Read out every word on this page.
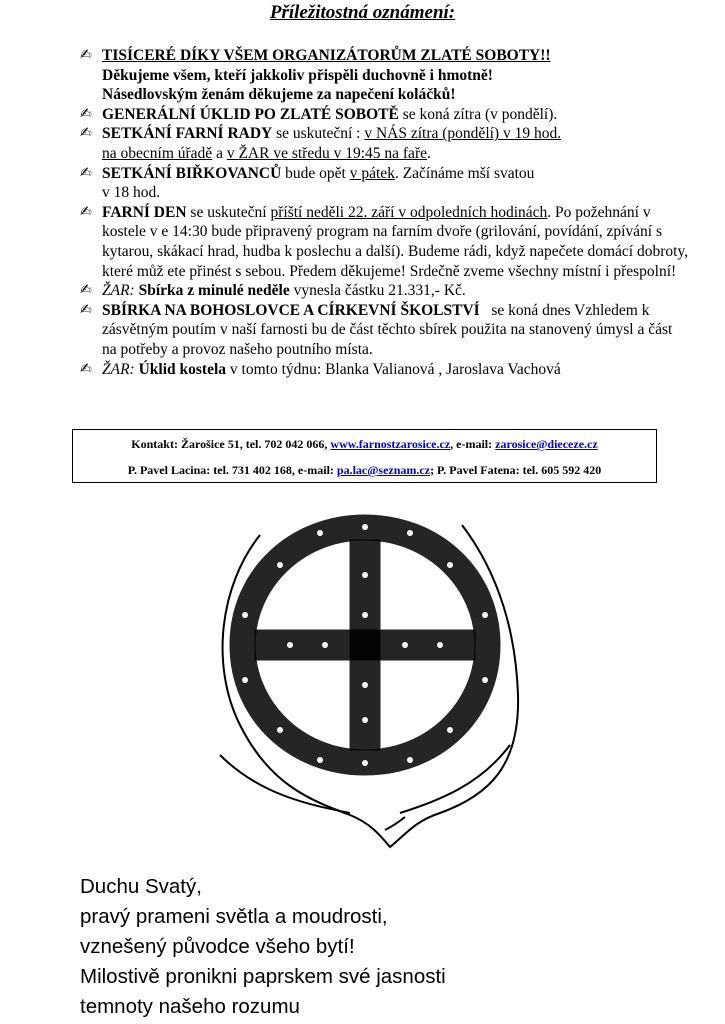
Příležitostná oznámení:
✍ TISÍCERÉ DÍKY VŠEM ORGANIZÁTORŮM ZLATÉ SOBOTY!!
Děkujeme všem, kteří jakkoliv přispěli duchovně i hmotně!
Násedlovským ženám děkujeme za napečení koláčků!
✍ GENERÁLNÍ ÚKLID PO ZLATÉ SOBOTĚ se koná zítra (v pondělí).
✍ SETKÁNÍ FARNÍ RADY se uskuteční : v NÁS zítra (pondělí) v 19 hod.
na obecním úřadě a v ŽAR ve středu v 19:45 na faře.
✍ SETKÁNÍ BIŘKOVANCŮ bude opět v pátek. Začínáme mší svatou
v 18 hod.
✍ FARNÍ DEN se uskuteční příští neděli 22. září v odpoledních hodinách. Po požehnání v kostele v e 14:30 bude připravený program na farním dvoře (grilování, povídání, zpívání s kytarou, skákací hrad, hudba k poslechu a další). Budeme rádi, když napečete domácí dobroty, které můž ete přinést s sebou. Předem děkujeme! Srdečně zveme všechny místní i přespolní!
✍ ŽAR: Sbírka z minulé neděle vynesla částku 21.331,- Kč.
✍ SBÍRKA NA BOHOSLOVCE A CÍRKEVNÍ ŠKOLSTVÍ se koná dnes Vzhledem k zásvětným poutím v naší farnosti bu de část těchto sbírek použita na stanovený úmysl a část na potřeby a provoz našeho poutního místa.
✍ ŽAR: Úklid kostela v tomto týdnu: Blanka Valianová , Jaroslava Vachová
Kontakt: Žarošice 51, tel. 702 042 066, www.farnostzarosice.cz, e-mail: zarosice@dieceze.cz
P. Pavel Lacina: tel. 731 402 168, e-mail: pa.lac@seznam.cz; P. Pavel Fatena: tel. 605 592 420
Duchu Svatý,
pravý prameni světla a moudrosti,
vznešený původce všeho bytí!
Milostivě pronikni paprskem své jasnosti
temnoty našeho rozumu
